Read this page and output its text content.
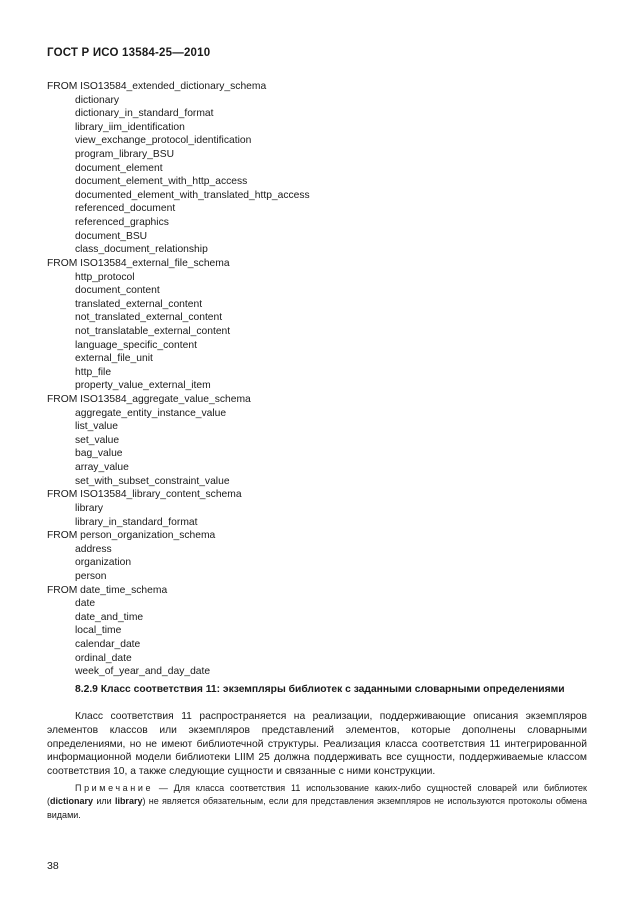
ГОСТ Р ИСО 13584-25—2010
FROM ISO13584_extended_dictionary_schema
dictionary
dictionary_in_standard_format
library_iim_identification
view_exchange_protocol_identification
program_library_BSU
document_element
document_element_with_http_access
documented_element_with_translated_http_access
referenced_document
referenced_graphics
document_BSU
class_document_relationship
FROM ISO13584_external_file_schema
http_protocol
document_content
translated_external_content
not_translated_external_content
not_translatable_external_content
language_specific_content
external_file_unit
http_file
property_value_external_item
FROM ISO13584_aggregate_value_schema
aggregate_entity_instance_value
list_value
set_value
bag_value
array_value
set_with_subset_constraint_value
FROM ISO13584_library_content_schema
library
library_in_standard_format
FROM person_organization_schema
address
organization
person
FROM date_time_schema
date
date_and_time
local_time
calendar_date
ordinal_date
week_of_year_and_day_date
8.2.9 Класс соответствия 11: экземпляры библиотек с заданными словарными определениями
Класс соответствия 11 распространяется на реализации, поддерживающие описания экземпляров элементов классов или экземпляров представлений элементов, которые дополнены словарными определениями, но не имеют библиотечной структуры. Реализация класса соответствия 11 интегрированной информационной модели библиотеки LIIM 25 должна поддерживать все сущности, поддерживаемые классом соответствия 10, а также следующие сущности и связанные с ними конструкции.
Примечание — Для класса соответствия 11 использование каких-либо сущностей словарей или библиотек (dictionary или library) не является обязательным, если для представления экземпляров не используются протоколы обмена видами.
38
